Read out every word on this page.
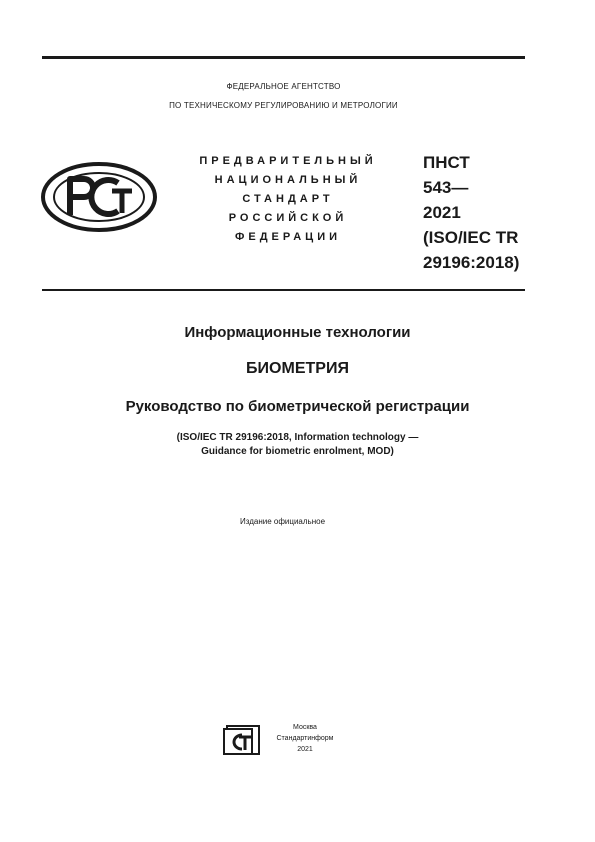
ФЕДЕРАЛЬНОЕ АГЕНТСТВО
ПО ТЕХНИЧЕСКОМУ РЕГУЛИРОВАНИЮ И МЕТРОЛОГИИ
ПРЕДВАРИТЕЛЬНЫЙ
НАЦИОНАЛЬНЫЙ
СТАНДАРТ
РОССИЙСКОЙ
ФЕДЕРАЦИИ
ПНСТ
543—
2021
(ISO/IEC TR
29196:2018)
Информационные технологии
БИОМЕТРИЯ
Руководство по биометрической регистрации
(ISO/IEC TR 29196:2018, Information technology —
Guidance for biometric enrolment, MOD)
Издание официальное
Москва
Стандартинформ
2021
